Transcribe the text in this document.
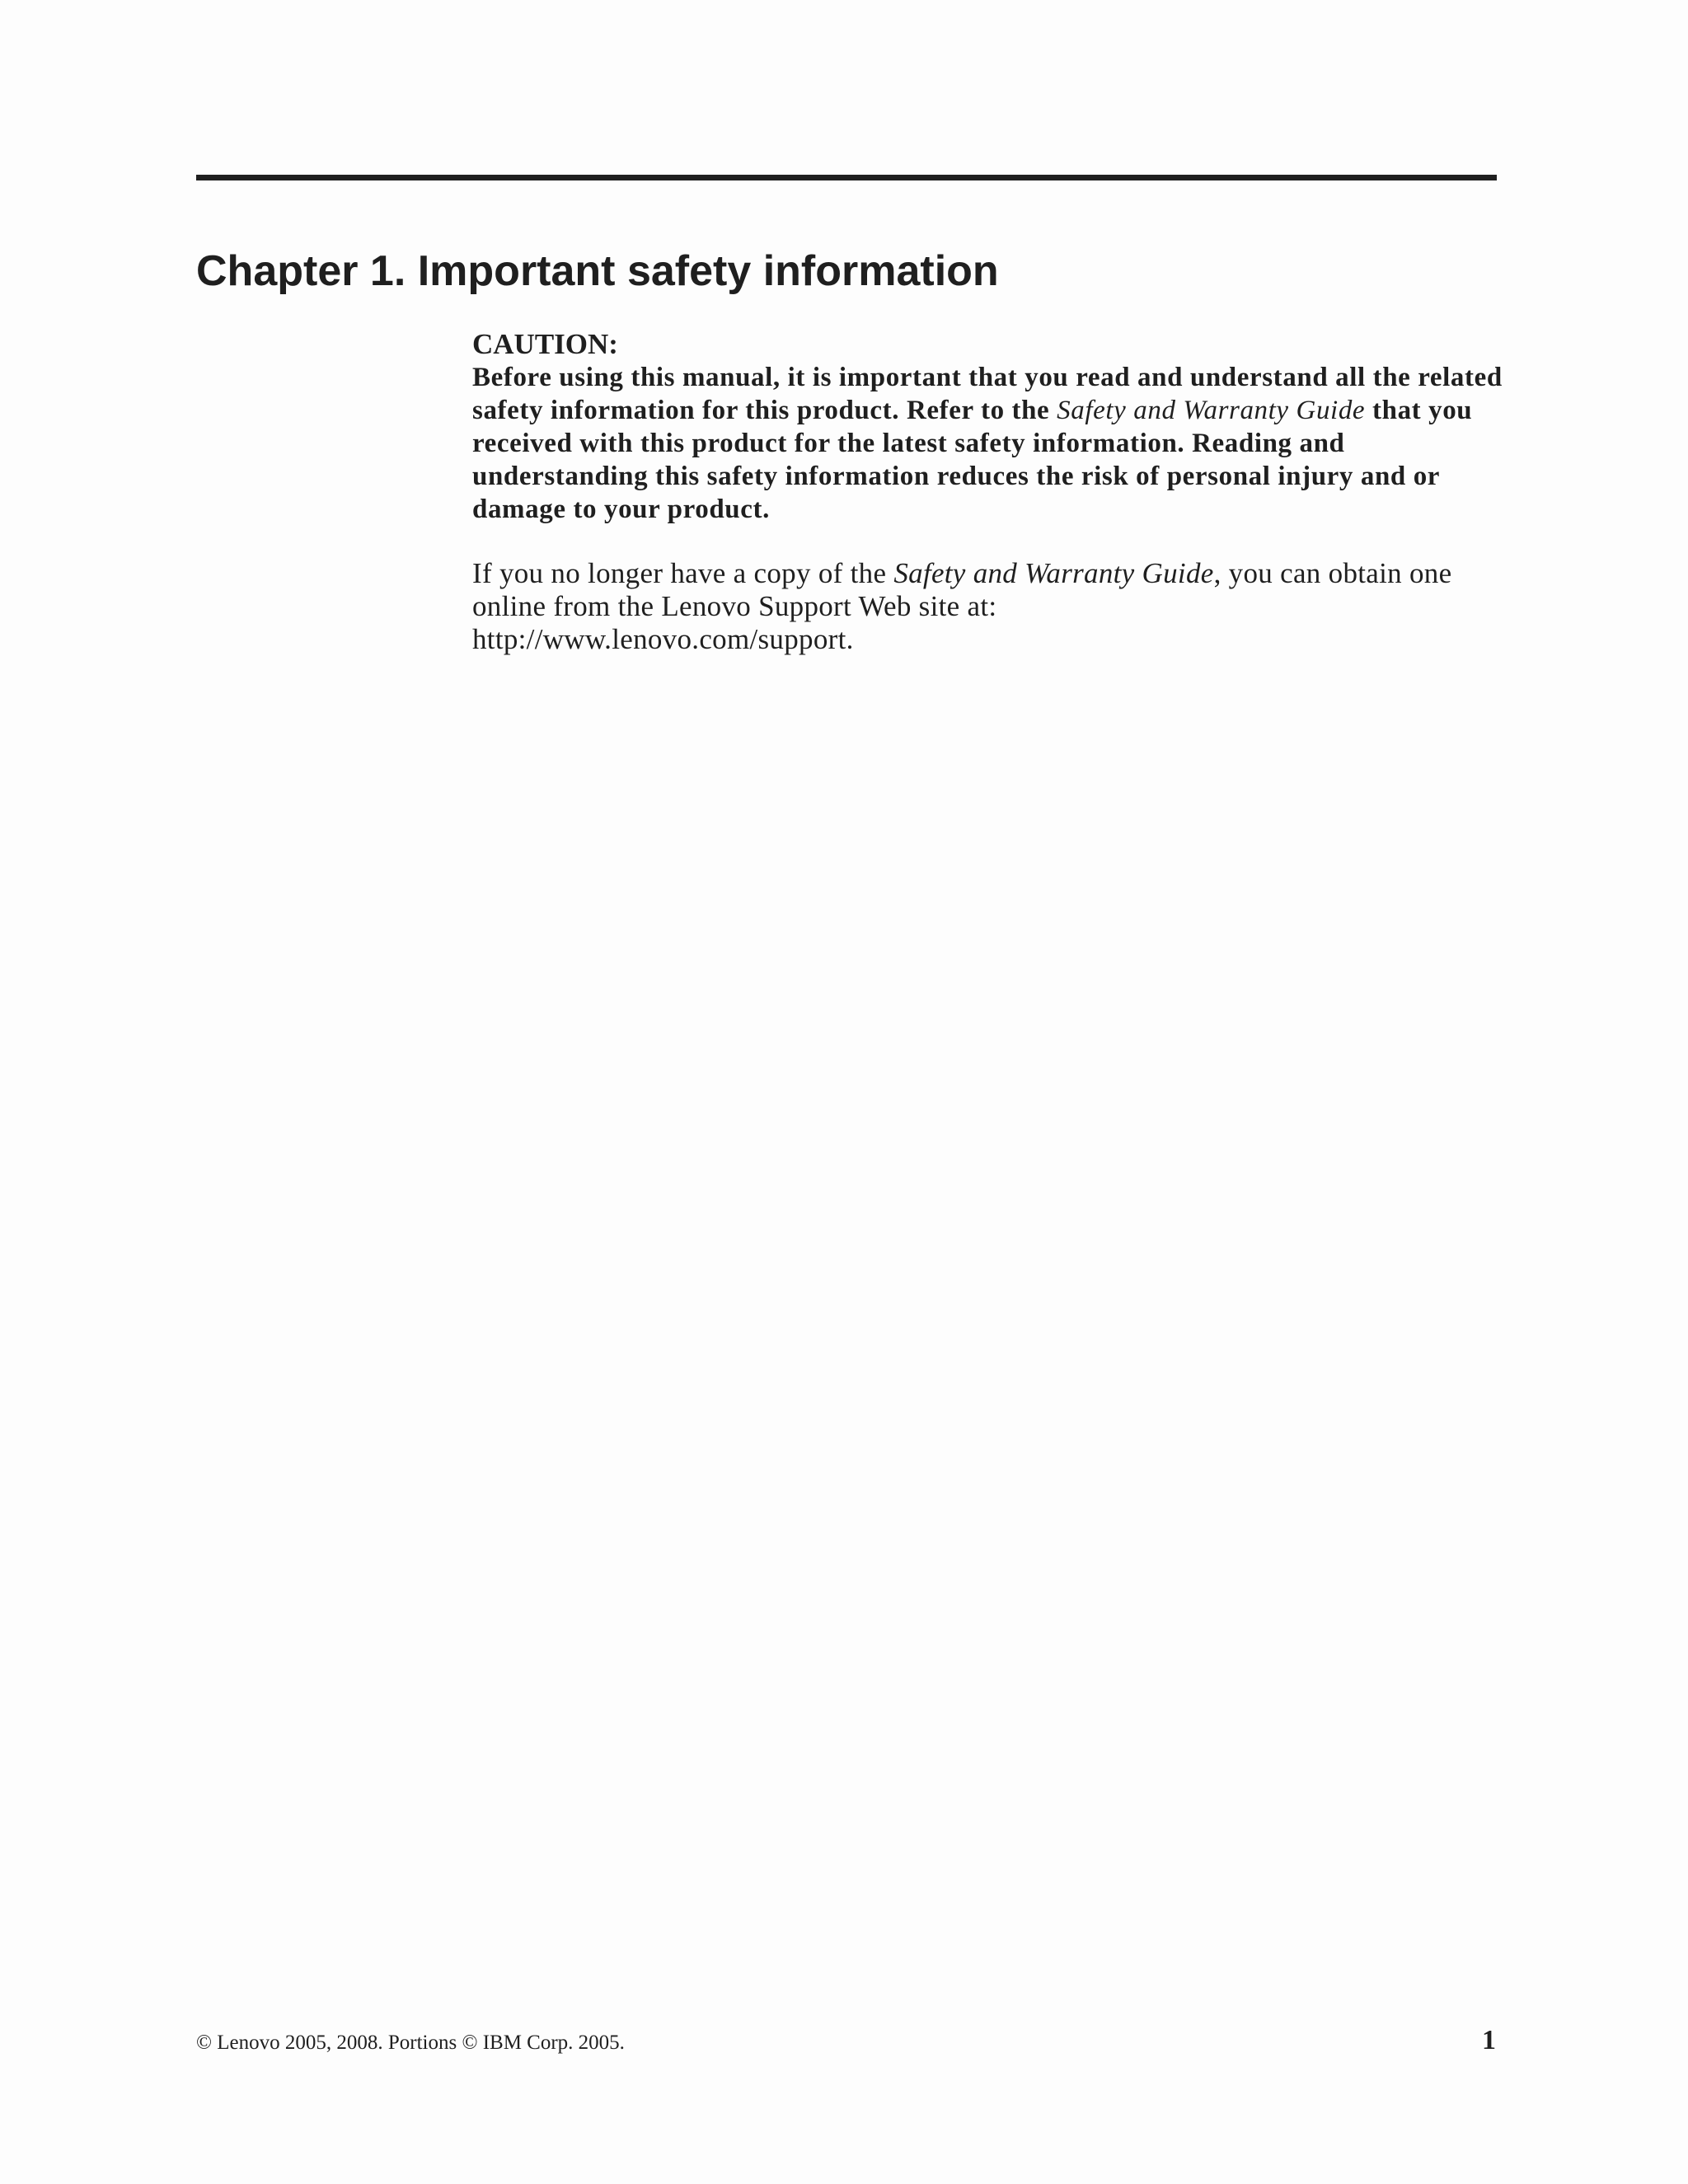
Chapter 1. Important safety information

CAUTION:

Before using this manual, it is important that you read and understand all the related safety information for this product. Refer to the Safety and Warranty Guide that you received with this product for the latest safety information. Reading and understanding this safety information reduces the risk of personal injury and or damage to your product.

If you no longer have a copy of the Safety and Warranty Guide, you can obtain one online from the Lenovo Support Web site at:
http://www.lenovo.com/support.

© Lenovo 2005, 2008. Portions © IBM Corp. 2005.	1
